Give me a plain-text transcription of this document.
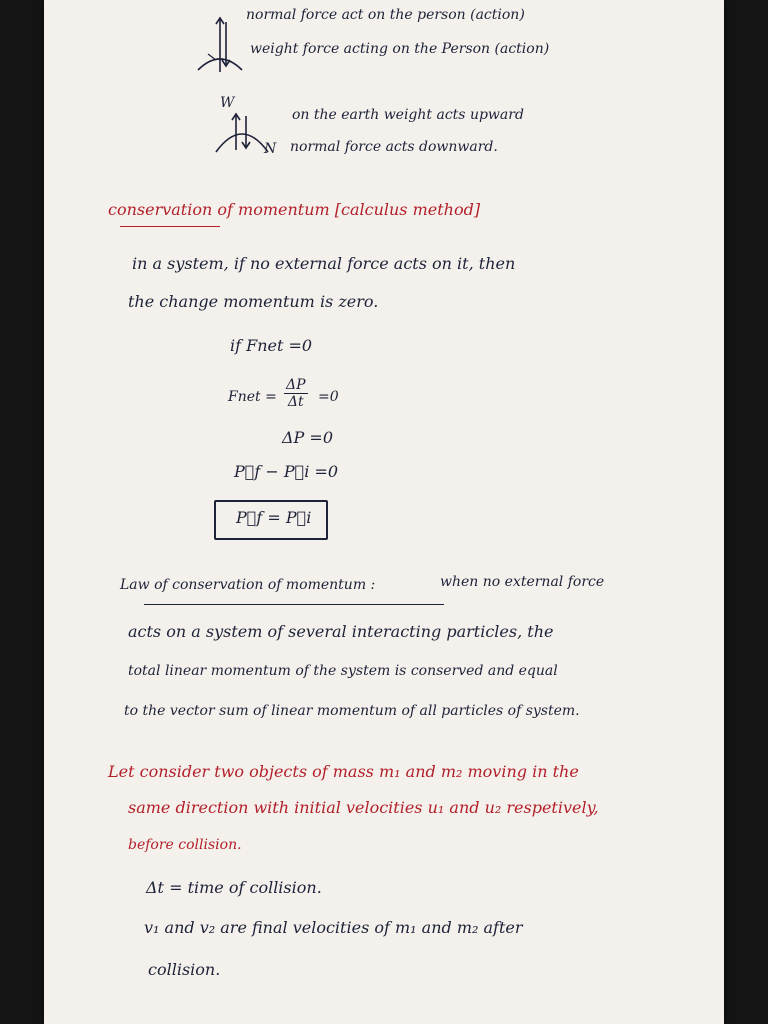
normal force act on the person (action)
weight force acting on the Person (action)
W
N
on the earth weight acts upward
normal force acts downward.
conservation of momentum [calculus method]
in a system, if no external force acts on it, then
the change momentum is zero.
if Fnet =0
Fnet = $\frac{\Delta P}{\Delta t} =0$
ΔP =0
P⃗f − P⃗i =0
P⃗f = P⃗i
Law of conservation of momentum :	when no external force
acts on a system of several interacting particles, the
total linear momentum of the system is conserved and equal
to the vector sum of linear momentum of all particles of system.
Let consider two objects of mass m₁ and m₂ moving in the
same direction with initial velocities u₁ and u₂ respetively,
before collision.
Δt = time of collision.
v₁ and v₂ are final velocities of m₁ and m₂ after
collision.
